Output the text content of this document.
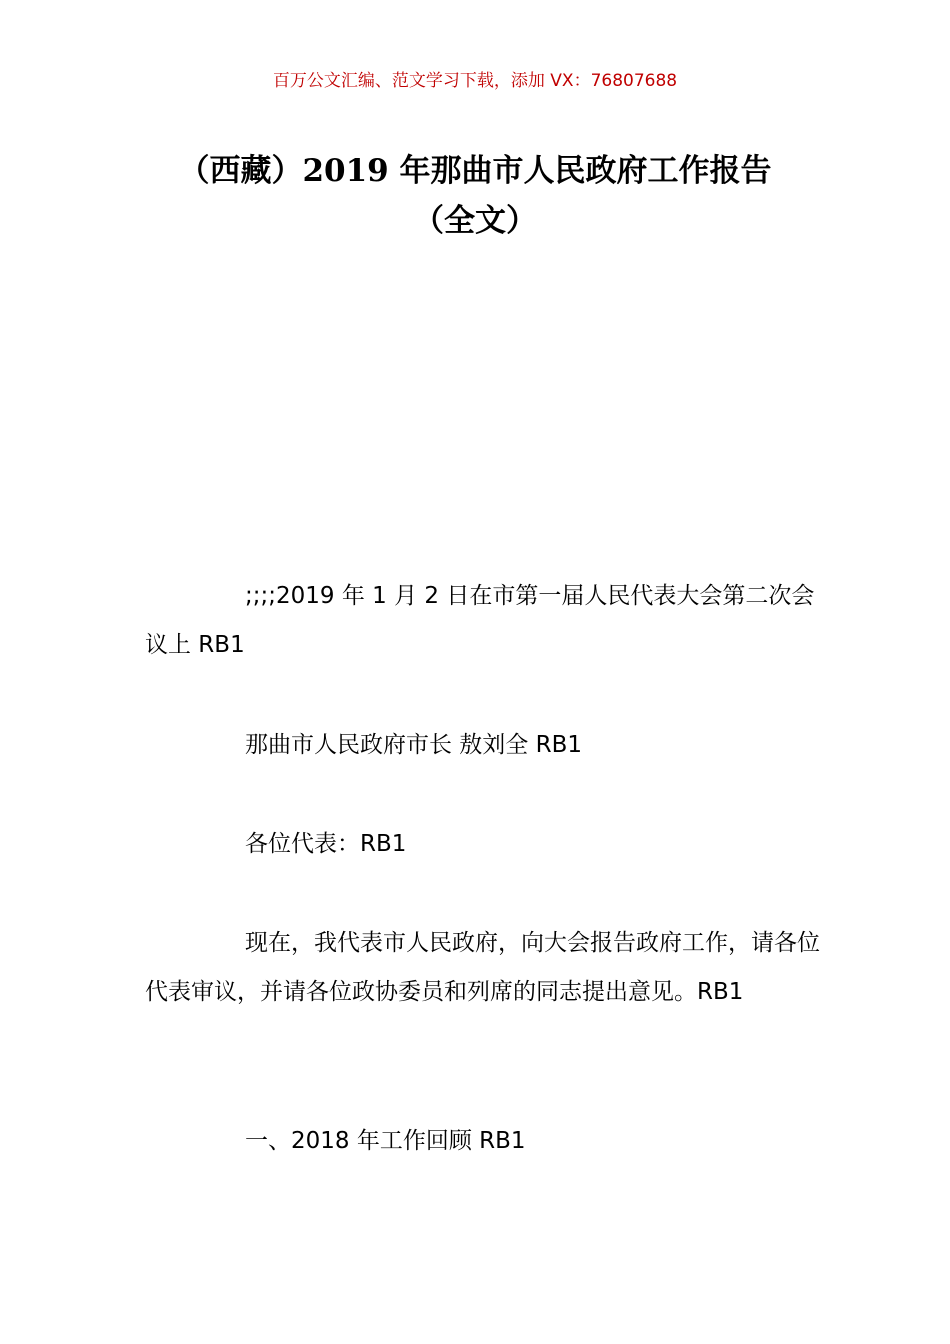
百万公文汇编、范文学习下载，添加 VX：76807688
（西藏）2019 年那曲市人民政府工作报告
（全文）

;;;;2019 年 1 月 2 日在市第一届人民代表大会第二次会议上 RB1

那曲市人民政府市长 敖刘全 RB1

各位代表：RB1

现在，我代表市人民政府，向大会报告政府工作，请各位代表审议，并请各位政协委员和列席的同志提出意见。RB1

一、2018 年工作回顾 RB1
